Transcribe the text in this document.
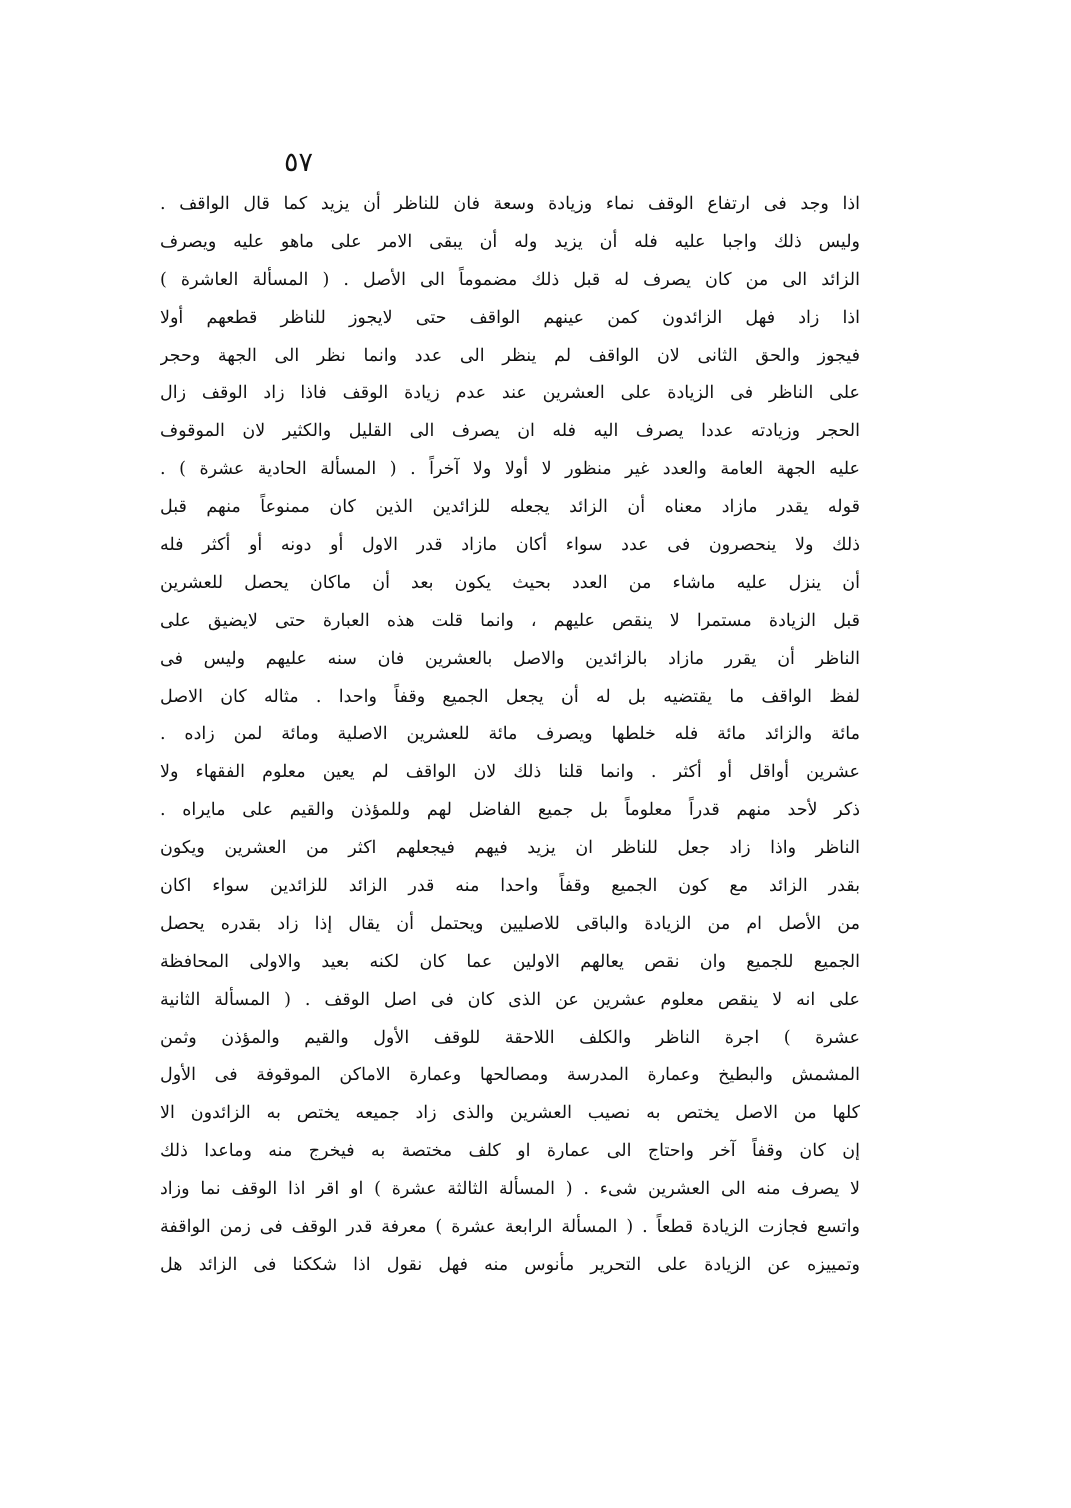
٥٧
اذا وجد فى ارتفاع الوقف نماء وزيادة وسعة فان للناظر أن يزيد كما قال الواقف .
وليس ذلك واجبا عليه فله أن يزيد وله أن يبقى الامر على ماهو عليه ويصرف
الزائد الى من كان يصرف له قبل ذلك مضموماً الى الأصل . ( المسألة العاشرة )
اذا زاد فهل الزائدون كمن عينهم الواقف حتى لايجوز للناظر قطعهم أولا
فيجوز والحق الثانى لان الواقف لم ينظر الى عدد وانما نظر الى الجهة وحجر
على الناظر فى الزيادة على العشرين عند عدم زيادة الوقف فاذا زاد الوقف زال
الحجر وزيادته عددا يصرف اليه فله ان يصرف الى القليل والكثير لان الموقوف
عليه الجهة العامة والعدد غير منظور لا أولا ولا آخراً . ( المسألة الحادية عشرة ) .
قوله يقدر مازاد معناه أن الزائد يجعله للزائدين الذين كان ممنوعاً منهم قبل
ذلك ولا ينحصرون فى عدد سواء أكان مازاد قدر الاول أو دونه أو أكثر فله
أن ينزل عليه ماشاء من العدد بحيث يكون بعد أن ماكان يحصل للعشرين
قبل الزيادة مستمرا لا ينقص عليهم ، وانما قلت هذه العبارة حتى لايضيق على
الناظر أن يقرر مازاد بالزائدين والاصل بالعشرين فان سنه عليهم وليس فى
لفظ الواقف ما يقتضيه بل له أن يجعل الجميع وقفاً واحدا . مثاله كان الاصل
مائة والزائد مائة فله خلطها ويصرف مائة للعشرين الاصلية ومائة لمن زاده .
عشرين أواقل أو أكثر . وانما قلنا ذلك لان الواقف لم يعين معلوم الفقهاء ولا
ذكر لأحد منهم قدراً معلوماً بل جميع الفاضل لهم وللمؤذن والقيم على مايراه .
الناظر واذا زاد جعل للناظر ان يزيد فيهم فيجعلهم اكثر من العشرين ويكون
بقدر الزائد مع كون الجميع وقفاً واحدا منه قدر الزائد للزائدين سواء اكان
من الأصل ام من الزيادة والباقى للاصليين ويحتمل أن يقال إذا زاد بقدره يحصل
الجميع للجميع وان نقص يعالهم الاولين عما كان لكنه بعيد والاولى المحافظة
على انه لا ينقص معلوم عشرين عن الذى كان فى اصل الوقف . ( المسألة الثانية
عشرة ) اجرة الناظر والكلف اللاحقة للوقف الأول والقيم والمؤذن وثمن
المشمش والبطيخ وعمارة المدرسة ومصالحها وعمارة الاماكن الموقوفة فى الأول
كلها من الاصل يختص به نصيب العشرين والذى زاد جميعه يختص به الزائدون الا
إن كان وقفاً آخر واحتاج الى عمارة او كلف مختصة به فيخرج منه وماعدا ذلك
لا يصرف منه الى العشرين شىء . ( المسألة الثالثة عشرة ) او اقر اذا الوقف نما وزاد
واتسع فجازت الزيادة قطعاً . ( المسألة الرابعة عشرة ) معرفة قدر الوقف فى زمن الواقفة
وتمييزه عن الزيادة على التحرير مأنوس منه فهل نقول اذا شككنا فى الزائد هل
